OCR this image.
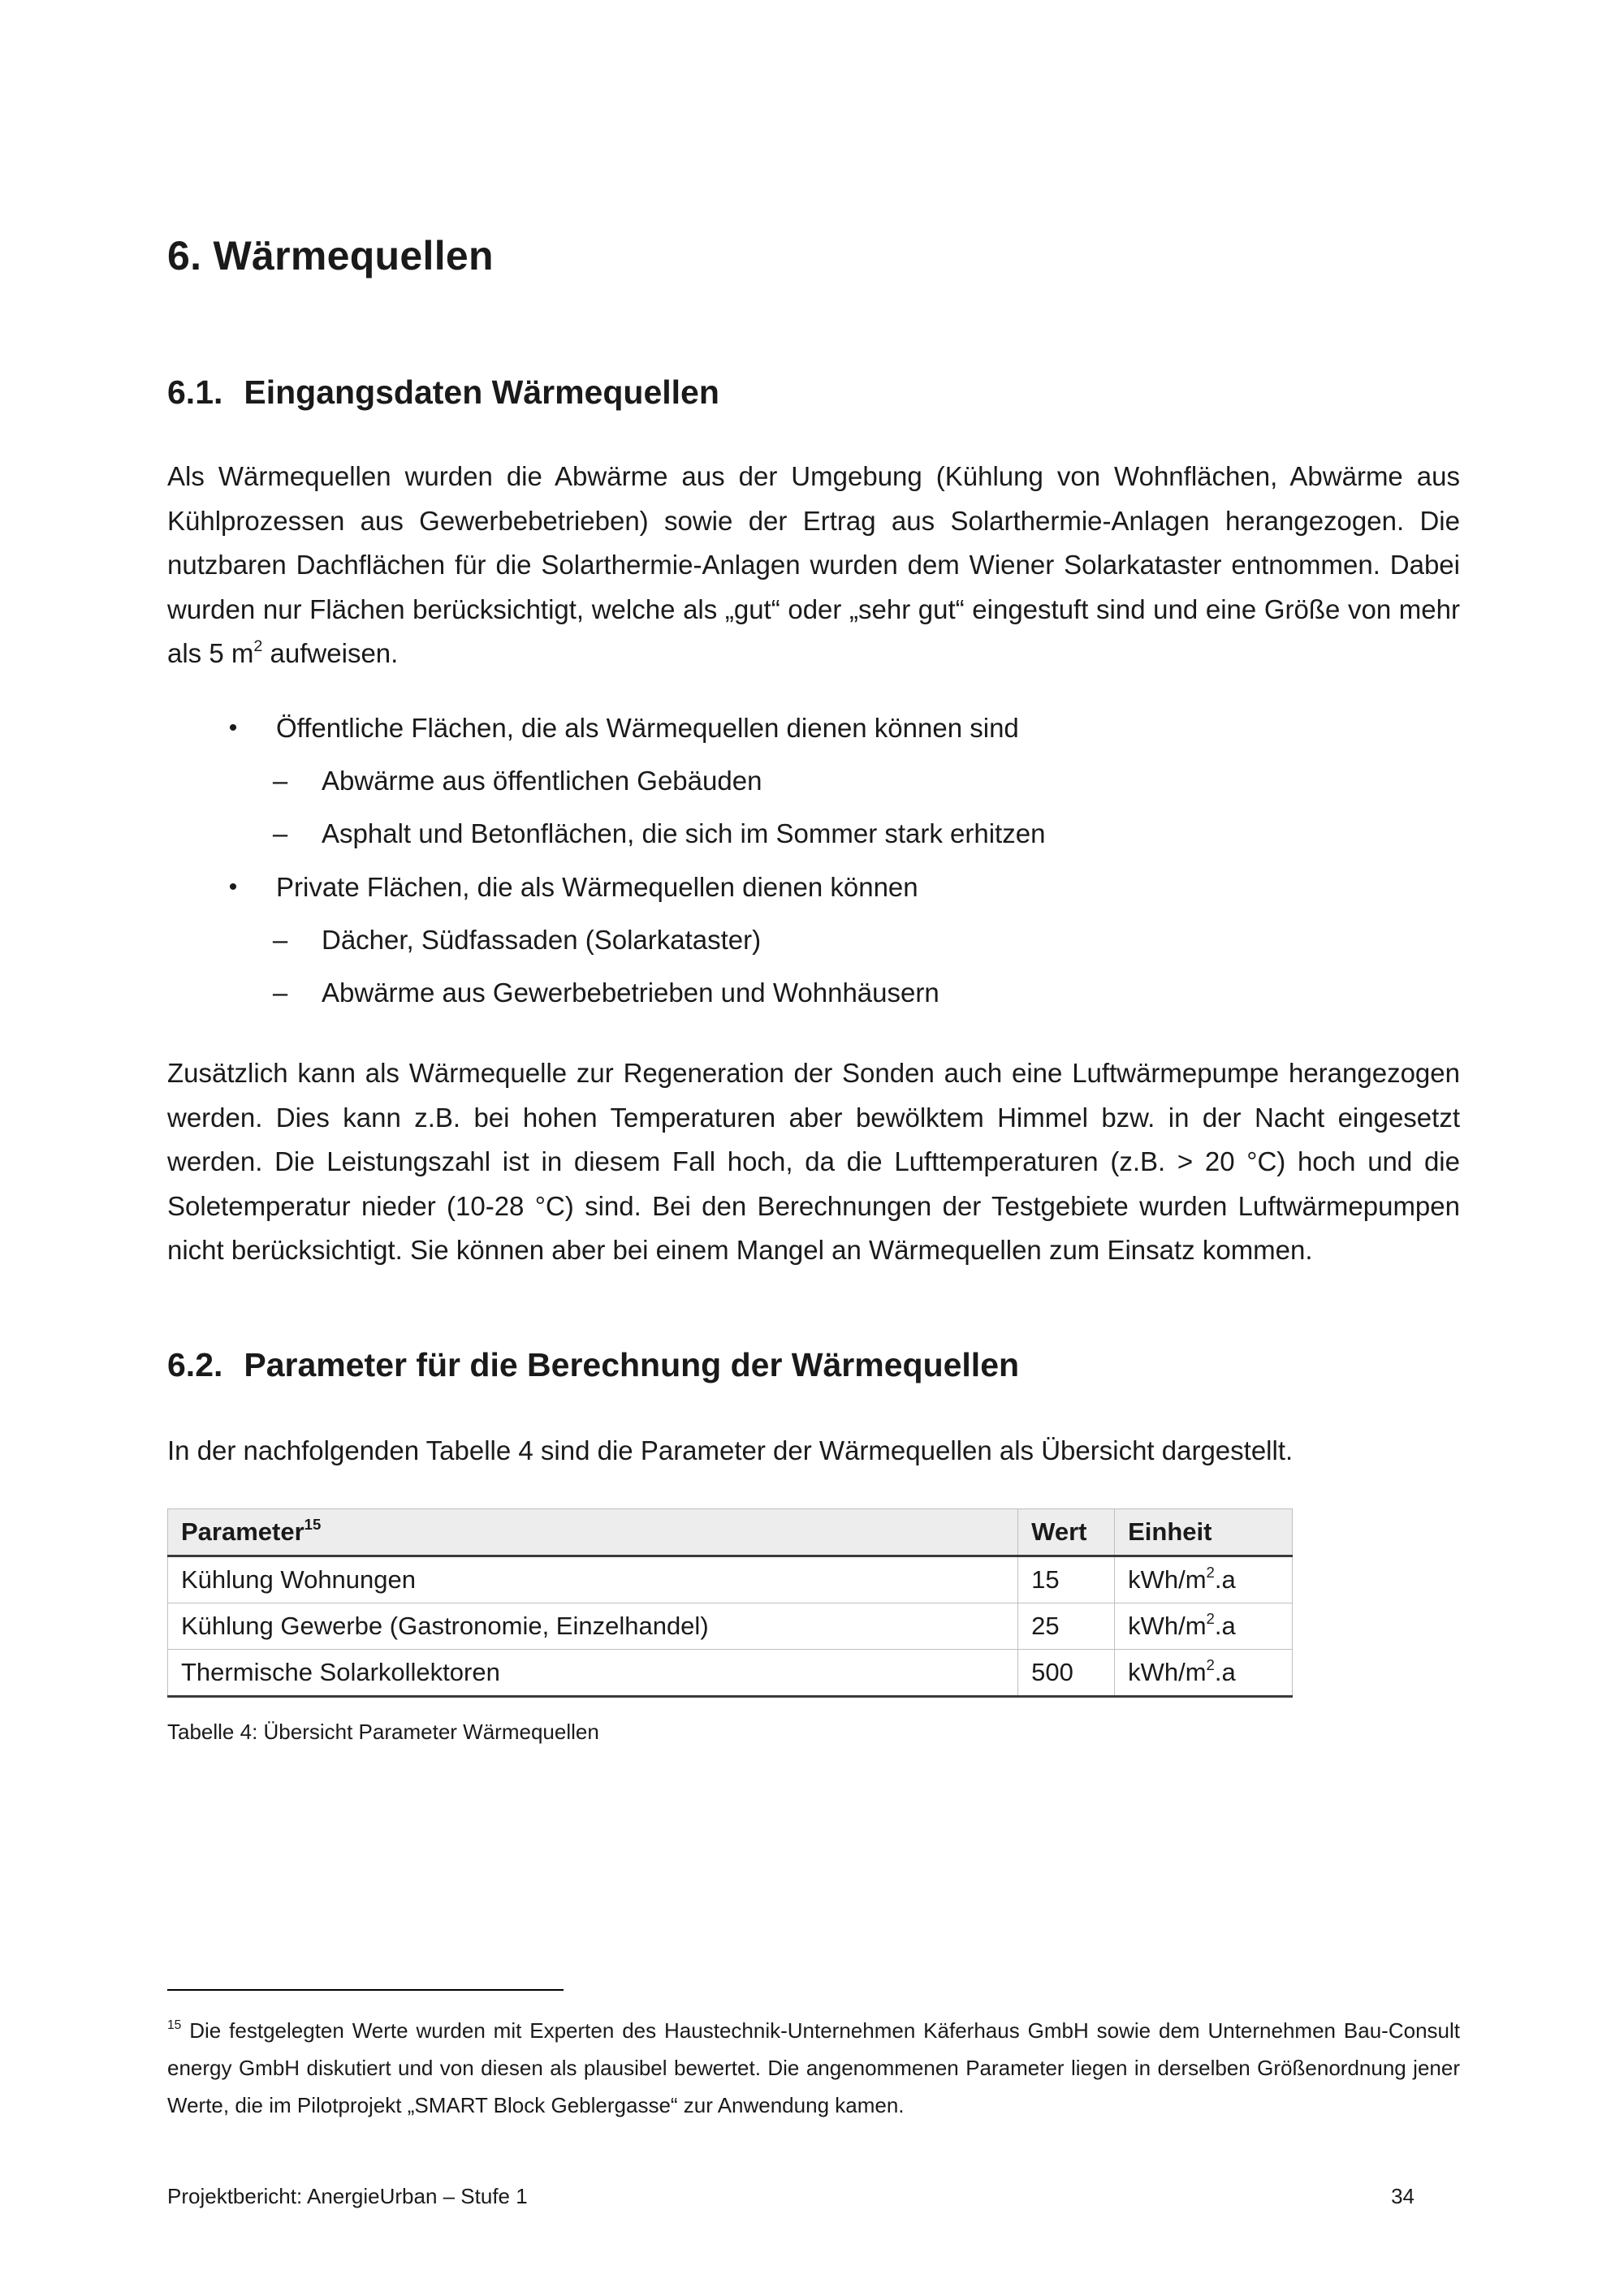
6. Wärmequellen
6.1. Eingangsdaten Wärmequellen

Als Wärmequellen wurden die Abwärme aus der Umgebung (Kühlung von Wohnflächen, Abwärme aus Kühlprozessen aus Gewerbebetrieben) sowie der Ertrag aus Solarthermie-Anlagen herangezogen. Die nutzbaren Dachflächen für die Solarthermie-Anlagen wurden dem Wiener Solarkataster entnommen. Dabei wurden nur Flächen berücksichtigt, welche als „gut“ oder „sehr gut“ eingestuft sind und eine Größe von mehr als 5 $m^2$ aufweisen.

• Öffentliche Flächen, die als Wärmequellen dienen können sind
– Abwärme aus öffentlichen Gebäuden
– Asphalt und Betonflächen, die sich im Sommer stark erhitzen
• Private Flächen, die als Wärmequellen dienen können
– Dächer, Südfassaden (Solarkataster)
– Abwärme aus Gewerbebetrieben und Wohnhäusern

Zusätzlich kann als Wärmequelle zur Regeneration der Sonden auch eine Luftwärmepumpe herangezogen werden. Dies kann z.B. bei hohen Temperaturen aber bewölktem Himmel bzw. in der Nacht eingesetzt werden. Die Leistungszahl ist in diesem Fall hoch, da die Lufttemperaturen (z.B. > 20 °C) hoch und die Soletemperatur nieder (10-28 °C) sind. Bei den Berechnungen der Testgebiete wurden Luftwärmepumpen nicht berücksichtigt. Sie können aber bei einem Mangel an Wärmequellen zum Einsatz kommen.

6.2. Parameter für die Berechnung der Wärmequellen

In der nachfolgenden Tabelle 4 sind die Parameter der Wärmequellen als Übersicht dargestellt.

Parameter$^{15}$	Wert	Einheit
Kühlung Wohnungen	15	kWh/$m^2.a$
Kühlung Gewerbe (Gastronomie, Einzelhandel)	25	kWh/$m^2.a$
Thermische Solarkollektoren	500	kWh/$m^2.a$
Tabelle 4: Übersicht Parameter Wärmequellen

$^{15}$ Die festgelegten Werte wurden mit Experten des Haustechnik-Unternehmen Käferhaus GmbH sowie dem Unternehmen Bau-Consult energy GmbH diskutiert und von diesen als plausibel bewertet. Die angenommenen Parameter liegen in derselben Größenordnung jener Werte, die im Pilotprojekt „SMART Block Geblergasse“ zur Anwendung kamen.

Projektbericht: AnergieUrban – Stufe 1	34
